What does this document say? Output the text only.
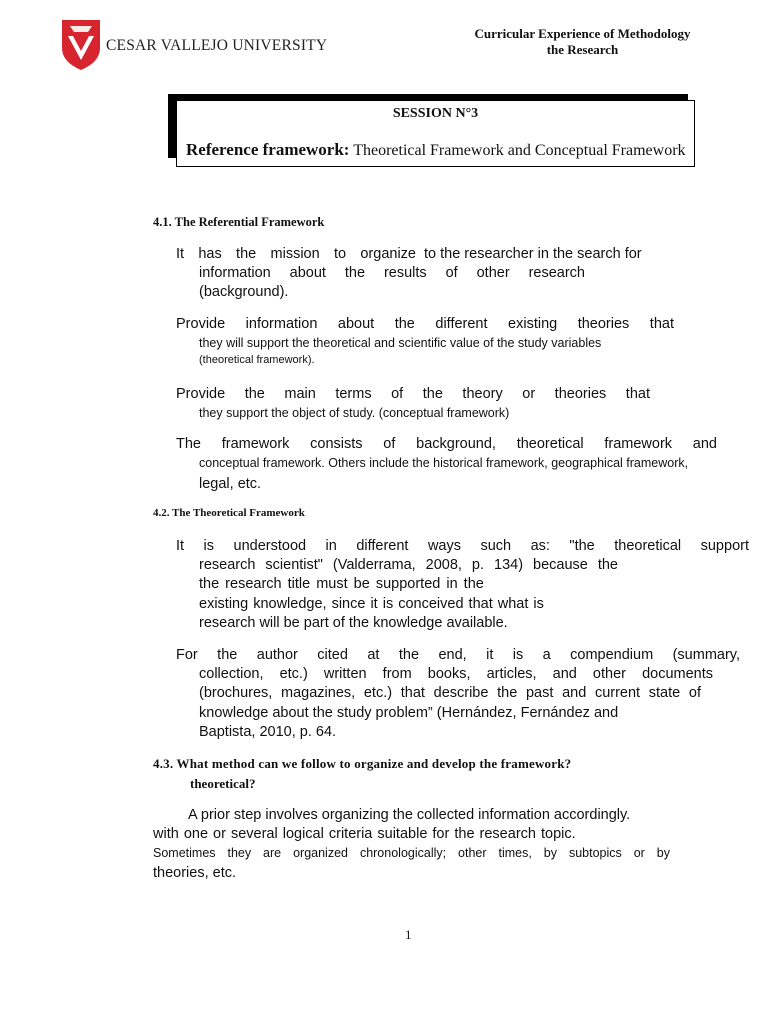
CESAR VALLEJO UNIVERSITY
Curricular Experience of Methodology
the Research
SESSION N°3
Reference framework: Theoretical Framework and Conceptual Framework
4.1. The Referential Framework
It has the mission to organize to the researcher in the search for
information about the results of other research
(background).
Provide information about the different existing theories that
they will support the theoretical and scientific value of the study variables
(theoretical framework).
Provide the main terms of the theory or theories that
they support the object of study. (conceptual framework)
The framework consists of background, theoretical framework and
conceptual framework. Others include the historical framework, geographical framework,
legal, etc.
4.2. The Theoretical Framework
It is understood in different ways such as: "the theoretical support
research scientist" (Valderrama, 2008, p. 134) because the
the research title must be supported in the
existing knowledge, since it is conceived that what is
research will be part of the knowledge available.
For the author cited at the end, it is a compendium (summary,
collection, etc.) written from books, articles, and other documents
(brochures, magazines, etc.) that describe the past and current state of
knowledge about the study problem” (Hernández, Fernández and
Baptista, 2010, p. 64.
4.3. What method can we follow to organize and develop the framework?
theoretical?
A prior step involves organizing the collected information accordingly.
with one or several logical criteria suitable for the research topic.
Sometimes they are organized chronologically; other times, by subtopics or by
theories, etc.
1
